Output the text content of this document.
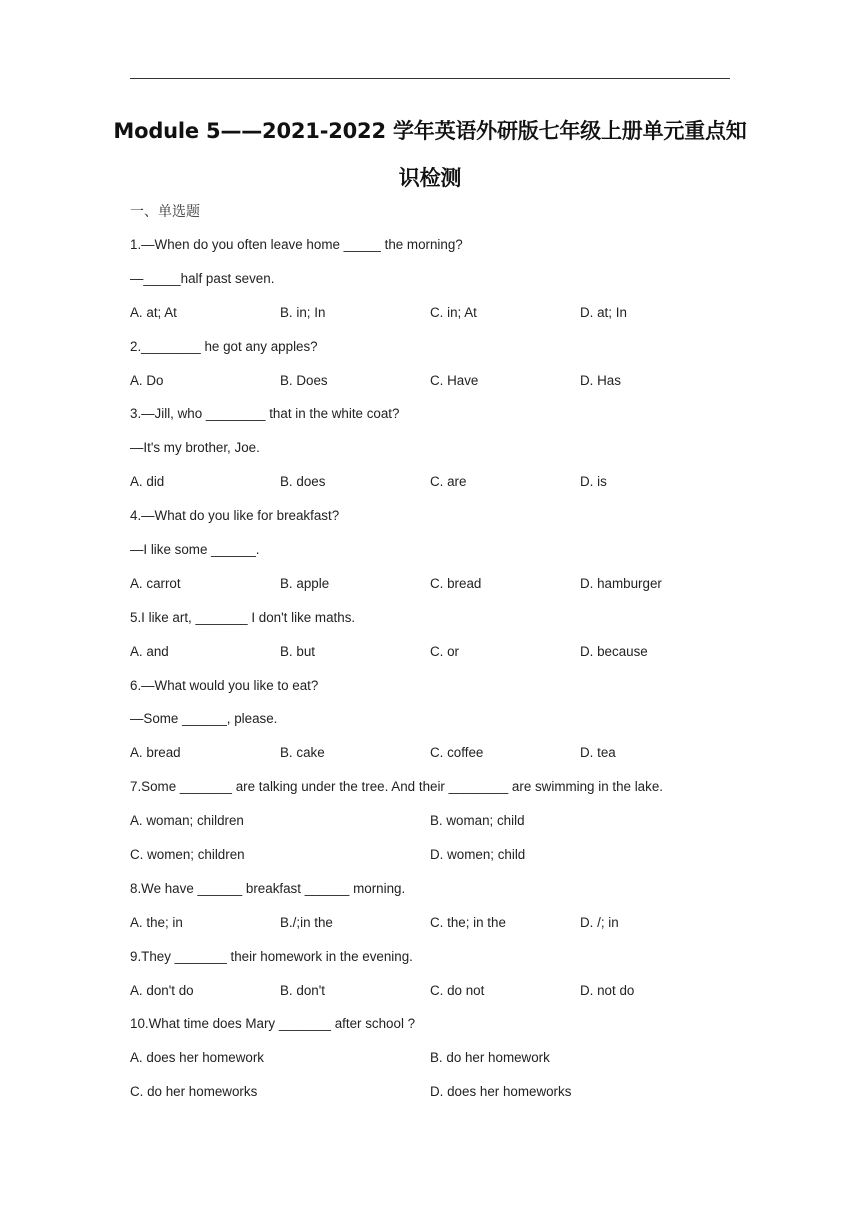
Module 5——2021-2022 学年英语外研版七年级上册单元重点知
识检测
一、单选题
1.—When do you often leave home _____ the morning?
—_____half past seven.
A. at; At	B. in; In	C. in; At	D. at; In
2.________ he got any apples?
A. Do	B. Does	C. Have	D. Has
3.—Jill, who ________ that in the white coat?
—It's my brother, Joe.
A. did	B. does	C. are	D. is
4.—What do you like for breakfast?
—I like some ______.
A. carrot	B. apple	C. bread	D. hamburger
5.I like art, _______ I don't like maths.
A. and	B. but	C. or	D. because
6.—What would you like to eat?
—Some ______, please.
A. bread	B. cake	C. coffee	D. tea
7.Some _______ are talking under the tree. And their ________ are swimming in the lake.
A. woman; children	B. woman; child
C. women; children	D. women; child
8.We have ______ breakfast ______ morning.
A. the; in	B./;in the	C. the; in the	D. /; in
9.They _______ their homework in the evening.
A. don't do	B. don't	C. do not	D. not do
10.What time does Mary _______ after school ?
A. does her homework	B. do her homework
C. do her homeworks	D. does her homeworks
